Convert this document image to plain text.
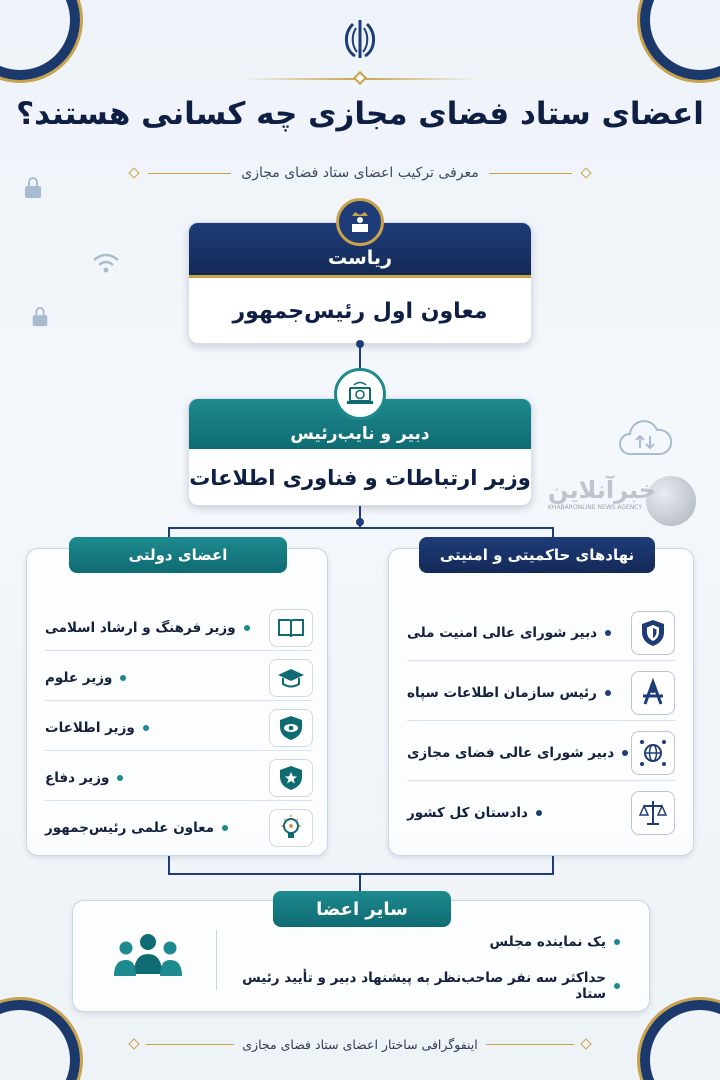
اعضای ستاد فضای مجازی چه کسانی هستند؟
معرفی ترکیب اعضای ستاد فضای مجازی
ریاست
معاون اول رئیس‌جمهور
دبیر و نایب‌رئیس
وزیر ارتباطات و فناوری اطلاعات خبرآنلاین
KHABARONLINE NEWS AGENCY
اعضای دولتی
وزیر فرهنگ و ارشاد اسلامی
وزیر علوم
وزیر اطلاعات
وزیر دفاع
معاون علمی رئیس‌جمهور
نهادهای حاکمیتی و امنیتی
دبیر شورای عالی امنیت ملی
رئیس سازمان اطلاعات سپاه
دبیر شورای عالی فضای مجازی
دادستان کل کشور
سایر اعضا
یک نماینده مجلس
حداکثر سه نفر صاحب‌نظر به پیشنهاد دبیر و تأیید رئیس ستاد
اینفوگرافی ساختار اعضای ستاد فضای مجازی
